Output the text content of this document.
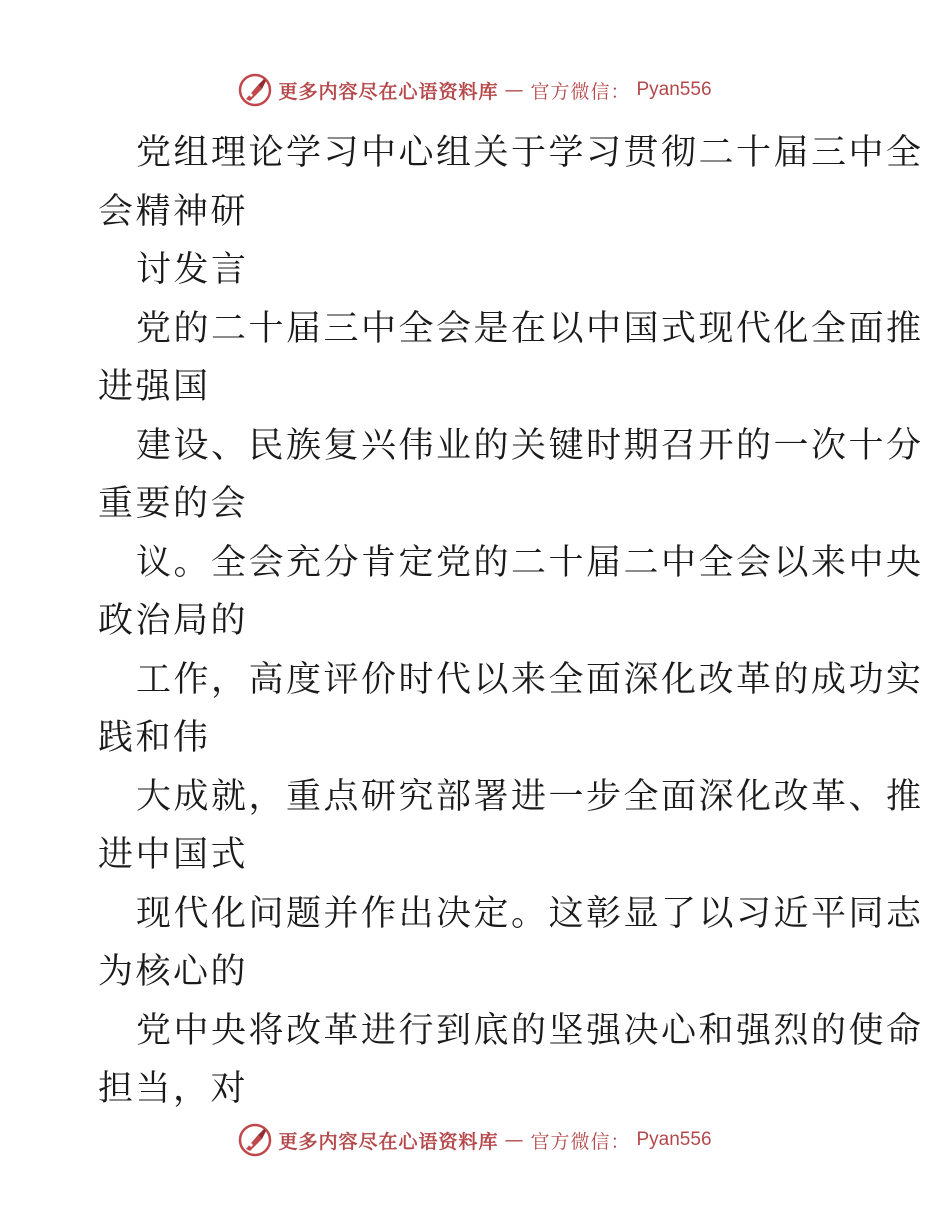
更多内容尽在心语资料库 — 官方微信： Pyan556
党组理论学习中心组关于学习贯彻二十届三中全
会精神研
讨发言
党的二十届三中全会是在以中国式现代化全面推
进强国
建设、民族复兴伟业的关键时期召开的一次十分
重要的会
议。全会充分肯定党的二十届二中全会以来中央
政治局的
工作，高度评价时代以来全面深化改革的成功实
践和伟
大成就，重点研究部署进一步全面深化改革、推
进中国式
现代化问题并作出决定。这彰显了以习近平同志
为核心的
党中央将改革进行到底的坚强决心和强烈的使命
担当，对
更多内容尽在心语资料库 — 官方微信： Pyan556
